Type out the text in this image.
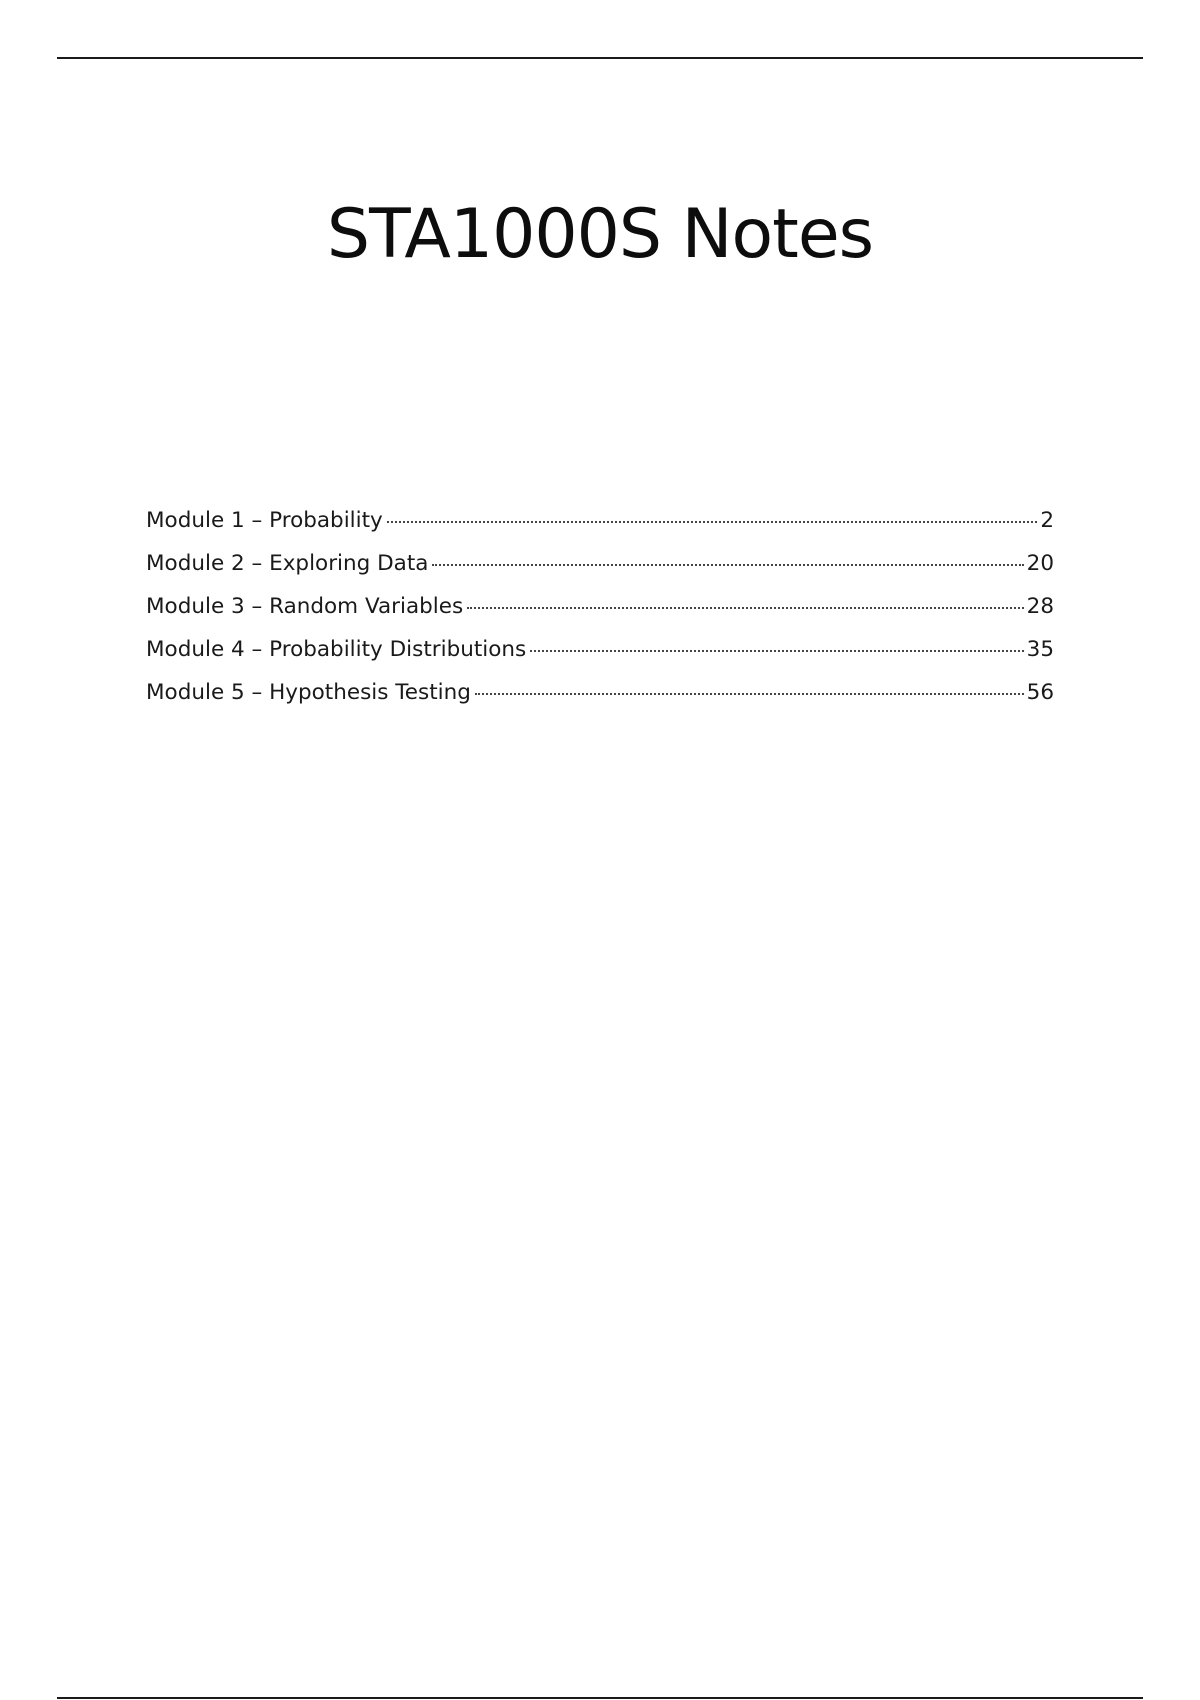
STA1000S Notes
Module 1 – Probability	2
Module 2 – Exploring Data	20
Module 3 – Random Variables	28
Module 4 – Probability Distributions	35
Module 5 – Hypothesis Testing	56
